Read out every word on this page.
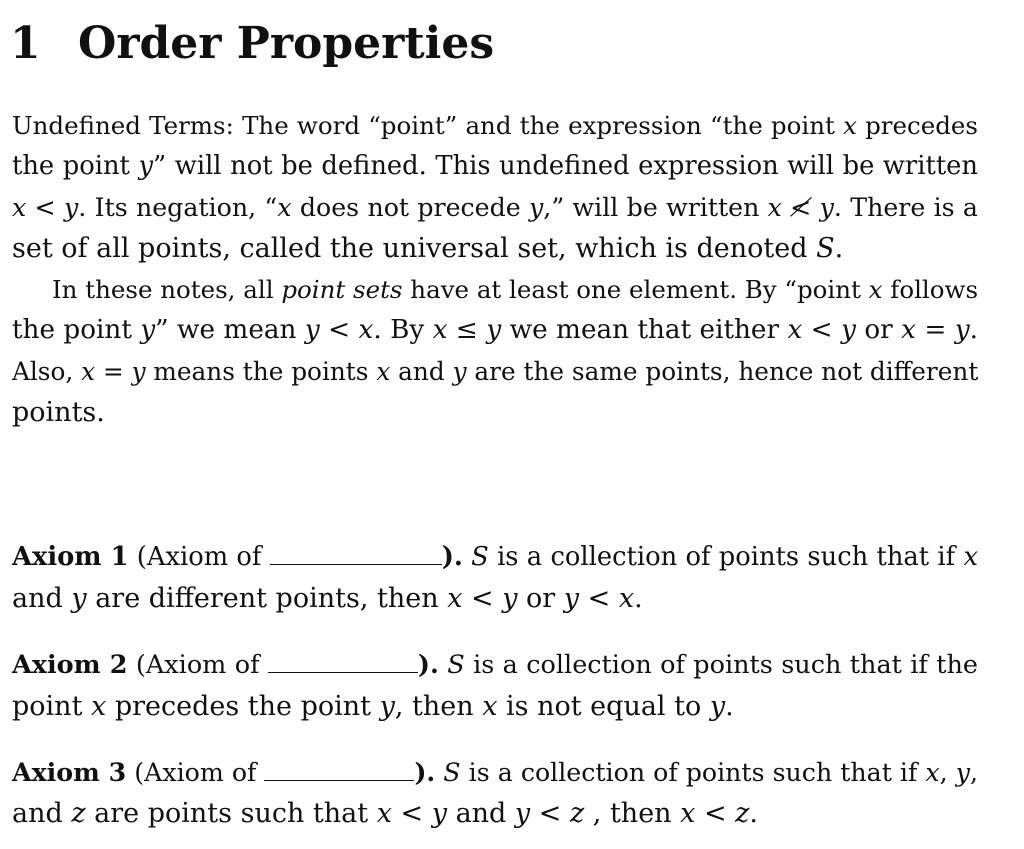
1 Order Properties
Undefined Terms: The word “point” and the expression “the point x precedes
the point y” will not be defined. This undefined expression will be written
x < y. Its negation, “x does not precede y,” will be written x ≮ y. There is a
set of all points, called the universal set, which is denoted S.
In these notes, all point sets have at least one element. By “point x follows
the point y” we mean y < x. By x ≤ y we mean that either x < y or x = y.
Also, x = y means the points x and y are the same points, hence not different
points.
Axiom 1 (Axiom of	). S is a collection of points such that if x
and y are different points, then x < y or y < x.
Axiom 2 (Axiom of	). S is a collection of points such that if the
point x precedes the point y, then x is not equal to y.
Axiom 3 (Axiom of	). S is a collection of points such that if x, y,
and z are points such that x < y and y < z , then x < z.
